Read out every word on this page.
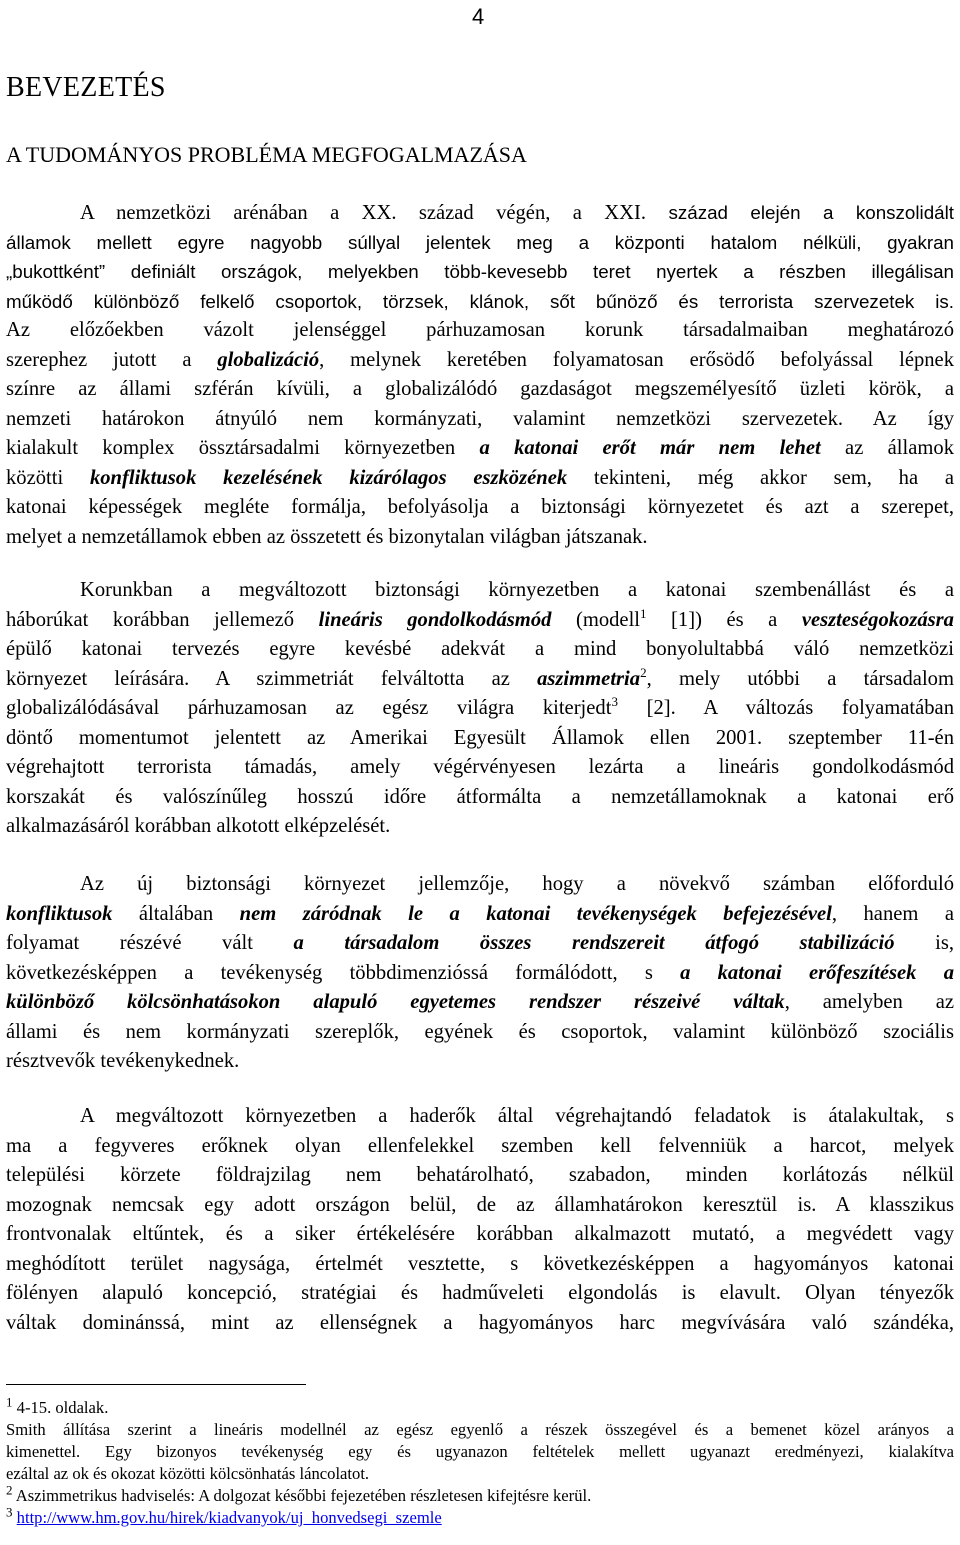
4
BEVEZETÉS
A TUDOMÁNYOS PROBLÉMA MEGFOGALMAZÁSA
A nemzetközi arénában a XX. század végén, a XXI. század elején a konszolidált
államok mellett egyre nagyobb súllyal jelentek meg a központi hatalom nélküli, gyakran
„bukottként” definiált országok, melyekben több-kevesebb teret nyertek a részben illegálisan
működő különböző felkelő csoportok, törzsek, klánok, sőt bűnöző és terrorista szervezetek is.
Az előzőekben vázolt jelenséggel párhuzamosan korunk társadalmaiban meghatározó
szerephez jutott a globalizáció, melynek keretében folyamatosan erősödő befolyással lépnek
színre az állami szférán kívüli, a globalizálódó gazdaságot megszemélyesítő üzleti körök, a
nemzeti határokon átnyúló nem kormányzati, valamint nemzetközi szervezetek. Az így
kialakult komplex össztársadalmi környezetben a katonai erőt már nem lehet az államok
közötti konfliktusok kezelésének kizárólagos eszközének tekinteni, még akkor sem, ha a
katonai képességek megléte formálja, befolyásolja a biztonsági környezetet és azt a szerepet,
melyet a nemzetállamok ebben az összetett és bizonytalan világban játszanak.
Korunkban a megváltozott biztonsági környezetben a katonai szembenállást és a
háborúkat korábban jellemező lineáris gondolkodásmód (modell$^1$ [1]) és a veszteségokozásra
épülő katonai tervezés egyre kevésbé adekvát a mind bonyolultabbá váló nemzetközi
környezet leírására. A szimmetriát felváltotta az aszimmetria$^2$, mely utóbbi a társadalom
globalizálódásával párhuzamosan az egész világra kiterjedt$^3$ [2]. A változás folyamatában
döntő momentumot jelentett az Amerikai Egyesült Államok ellen 2001. szeptember 11-én
végrehajtott terrorista támadás, amely végérvényesen lezárta a lineáris gondolkodásmód
korszakát és valószínűleg hosszú időre átformálta a nemzetállamoknak a katonai erő
alkalmazásáról korábban alkotott elképzelését.
Az új biztonsági környezet jellemzője, hogy a növekvő számban előforduló
konfliktusok általában nem záródnak le a katonai tevékenységek befejezésével, hanem a
folyamat részévé vált a társadalom összes rendszereit átfogó stabilizáció is,
következésképpen a tevékenység többdimenzióssá formálódott, s a katonai erőfeszítések a
különböző kölcsönhatásokon alapuló egyetemes rendszer részeivé váltak, amelyben az
állami és nem kormányzati szereplők, egyének és csoportok, valamint különböző szociális
résztvevők tevékenykednek.
A megváltozott környezetben a haderők által végrehajtandó feladatok is átalakultak, s
ma a fegyveres erőknek olyan ellenfelekkel szemben kell felvenniük a harcot, melyek
települési körzete földrajzilag nem behatárolható, szabadon, minden korlátozás nélkül
mozognak nemcsak egy adott országon belül, de az államhatárokon keresztül is. A klasszikus
frontvonalak eltűntek, és a siker értékelésére korábban alkalmazott mutató, a megvédett vagy
meghódított terület nagysága, értelmét vesztette, s következésképpen a hagyományos katonai
fölényen alapuló koncepció, stratégiai és hadműveleti elgondolás is elavult. Olyan tényezők
váltak dominánssá, mint az ellenségnek a hagyományos harc megvívására való szándéka,
$^1$ 4-15. oldalak.
Smith állítása szerint a lineáris modellnél az egész egyenlő a részek összegével és a bemenet közel arányos a
kimenettel. Egy bizonyos tevékenység egy és ugyanazon feltételek mellett ugyanazt eredményezi, kialakítva
ezáltal az ok és okozat közötti kölcsönhatás láncolatot.
$^2$ Aszimmetrikus hadviselés: A dolgozat későbbi fejezetében részletesen kifejtésre kerül.
$^3$ http://www.hm.gov.hu/hirek/kiadvanyok/uj_honvedsegi_szemle
